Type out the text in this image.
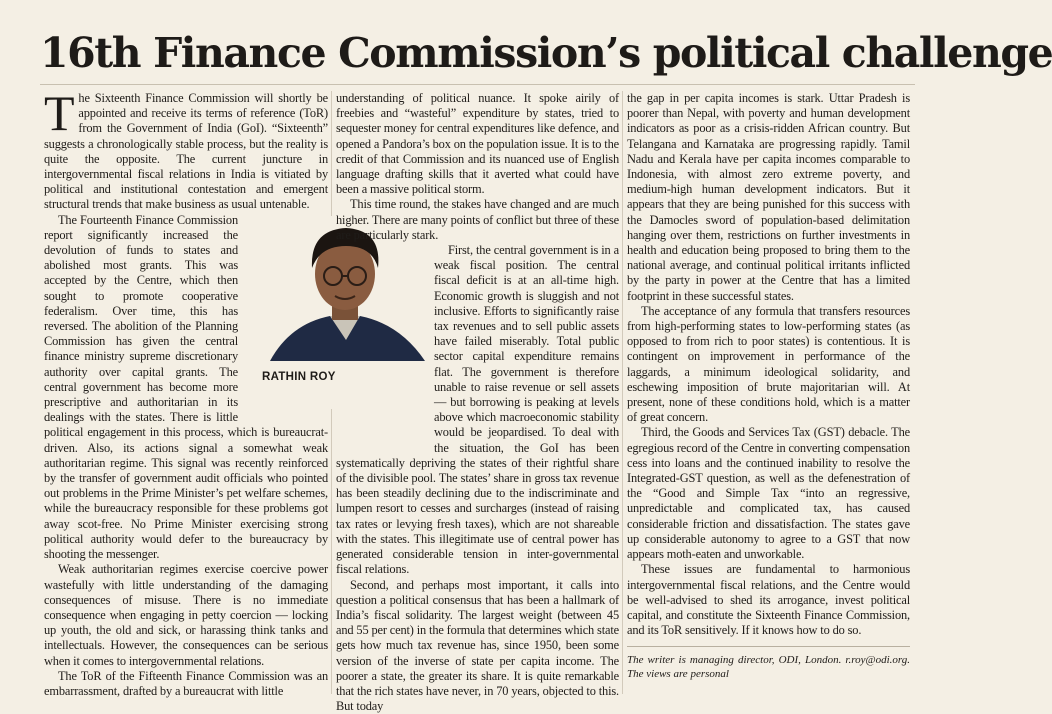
16th Finance Commission’s political challenge

The Sixteenth Finance Commission will shortly be appointed and receive its terms of reference (ToR) from the Government of India (GoI). “Sixteenth” suggests a chronologically stable process, but the reality is quite the opposite. The current juncture in intergovernmental fiscal relations in India is vitiated by political and institutional contestation and emergent structural trends that make business as usual untenable.

RATHIN ROY
The Fourteenth Finance Commission report significantly increased the devolution of funds to states and abolished most grants. This was accepted by the Centre, which then sought to promote cooperative federalism. Over time, this has reversed. The abolition of the Planning Commission has given the central finance ministry supreme discretionary authority over capital grants. The central government has become more prescriptive and authoritarian in its dealings with the states. There is little political engagement in this process, which is bureaucrat-driven. Also, its actions signal a somewhat weak authoritarian regime. This signal was recently reinforced by the transfer of government audit officials who pointed out problems in the Prime Minister’s pet welfare schemes, while the bureaucracy responsible for these problems got away scot-free. No Prime Minister exercising strong political authority would defer to the bureaucracy by shooting the messenger.

Weak authoritarian regimes exercise coercive power wastefully with little understanding of the damaging consequences of misuse. There is no immediate consequence when engaging in petty coercion — locking up youth, the old and sick, or harassing think tanks and intellectuals. However, the consequences can be serious when it comes to intergovernmental relations.

The ToR of the Fifteenth Finance Commission was an embarrassment, drafted by a bureaucrat with little

understanding of political nuance. It spoke airily of freebies and “wasteful” expenditure by states, tried to sequester money for central expenditures like defence, and opened a Pandora’s box on the population issue. It is to the credit of that Commission and its nuanced use of English language drafting skills that it averted what could have been a massive political storm.

This time round, the stakes have changed and are much higher. There are many points of conflict but three of these are particularly stark.

First, the central government is in a weak fiscal position. The central fiscal deficit is at an all-time high. Economic growth is sluggish and not inclusive. Efforts to significantly raise tax revenues and to sell public assets have failed miserably. Total public sector capital expenditure remains flat. The government is therefore unable to raise revenue or sell assets — but borrowing is peaking at levels above which macroeconomic stability would be jeopardised. To deal with the situation, the GoI has been systematically depriving the states of their rightful share of the divisible pool. The states’ share in gross tax revenue has been steadily declining due to the indiscriminate and lumpen resort to cesses and surcharges (instead of raising tax rates or levying fresh taxes), which are not shareable with the states. This illegitimate use of central power has generated considerable tension in inter-governmental fiscal relations.

Second, and perhaps most important, it calls into question a political consensus that has been a hallmark of India’s fiscal solidarity. The largest weight (between 45 and 55 per cent) in the formula that determines which state gets how much tax revenue has, since 1950, been some version of the inverse of state per capita income. The poorer a state, the greater its share. It is quite remarkable that the rich states have never, in 70 years, objected to this. But today

the gap in per capita incomes is stark. Uttar Pradesh is poorer than Nepal, with poverty and human development indicators as poor as a crisis-ridden African country. But Telangana and Karnataka are progressing rapidly. Tamil Nadu and Kerala have per capita incomes comparable to Indonesia, with almost zero extreme poverty, and medium-high human development indicators. But it appears that they are being punished for this success with the Damocles sword of population-based delimitation hanging over them, restrictions on further investments in health and education being proposed to bring them to the national average, and continual political irritants inflicted by the party in power at the Centre that has a limited footprint in these successful states.

The acceptance of any formula that transfers resources from high-performing states to low-performing states (as opposed to from rich to poor states) is contentious. It is contingent on improvement in performance of the laggards, a minimum ideological solidarity, and eschewing imposition of brute majoritarian will. At present, none of these conditions hold, which is a matter of great concern.

Third, the Goods and Services Tax (GST) debacle. The egregious record of the Centre in converting compensation cess into loans and the continued inability to resolve the Integrated-GST question, as well as the defenestration of the “Good and Simple Tax “into an regressive, unpredictable and complicated tax, has caused considerable friction and dissatisfaction. The states gave up considerable autonomy to agree to a GST that now appears moth-eaten and unworkable.

These issues are fundamental to harmonious intergovernmental fiscal relations, and the Centre would be well-advised to shed its arrogance, invest political capital, and constitute the Sixteenth Finance Commission, and its ToR sensitively. If it knows how to do so.

The writer is managing director, ODI, London. r.roy@odi.org. The views are personal
